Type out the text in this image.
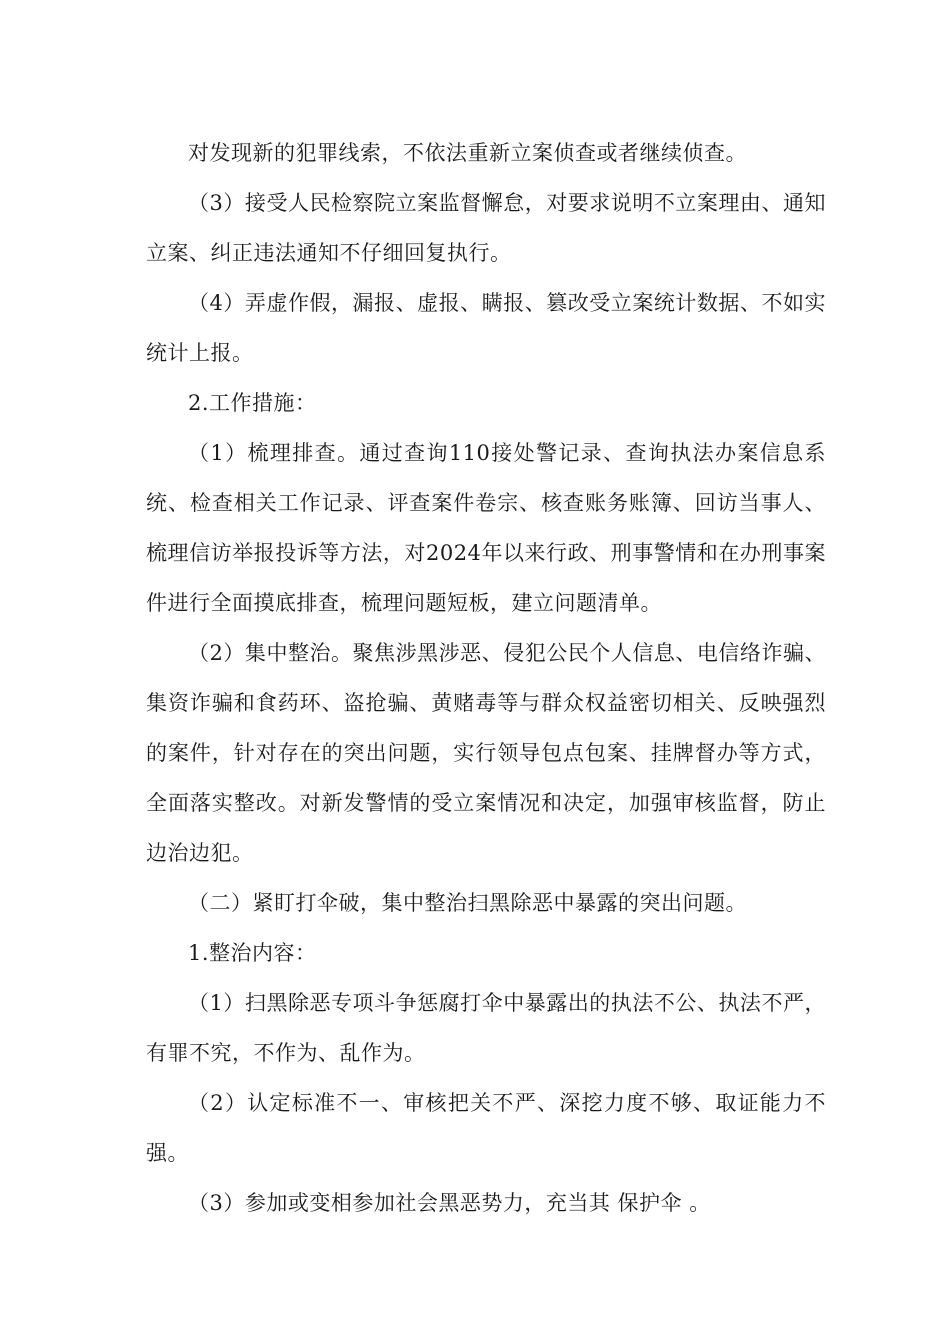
对发现新的犯罪线索，不依法重新立案侦查或者继续侦查。

（3）接受人民检察院立案监督懈怠，对要求说明不立案理由、通知立案、纠正违法通知不仔细回复执行。

（4）弄虚作假，漏报、虚报、瞒报、篡改受立案统计数据、不如实统计上报。

2.工作措施：

（1）梳理排查。通过查询110接处警记录、查询执法办案信息系统、检查相关工作记录、评查案件卷宗、核查账务账簿、回访当事人、梳理信访举报投诉等方法，对2024年以来行政、刑事警情和在办刑事案件进行全面摸底排查，梳理问题短板，建立问题清单。

（2）集中整治。聚焦涉黑涉恶、侵犯公民个人信息、电信络诈骗、集资诈骗和食药环、盗抢骗、黄赌毒等与群众权益密切相关、反映强烈的案件，针对存在的突出问题，实行领导包点包案、挂牌督办等方式，全面落实整改。对新发警情的受立案情况和决定，加强审核监督，防止边治边犯。

（二）紧盯打伞破，集中整治扫黑除恶中暴露的突出问题。

1.整治内容：

（1）扫黑除恶专项斗争惩腐打伞中暴露出的执法不公、执法不严，有罪不究，不作为、乱作为。

（2）认定标准不一、审核把关不严、深挖力度不够、取证能力不强。

（3）参加或变相参加社会黑恶势力，充当其 保护伞 。
